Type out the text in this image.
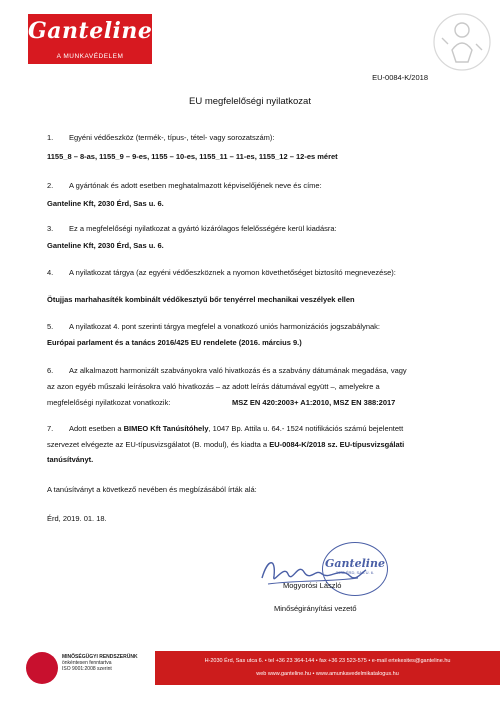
Ganteline
A MUNKAVÉDELEM
EU-0084-K/2018
EU megfelelőségi nyilatkozat
1. Egyéni védőeszköz (termék-, típus-, tétel- vagy sorozatszám):
1155_8 – 8-as, 1155_9 – 9-es, 1155 – 10-es, 1155_11 – 11-es, 1155_12 – 12-es méret
2. A gyártónak és adott esetben meghatalmazott képviselőjének neve és címe:
Ganteline Kft, 2030 Érd, Sas u. 6.
3. Ez a megfelelőségi nyilatkozat a gyártó kizárólagos felelősségére kerül kiadásra:
Ganteline Kft, 2030 Érd, Sas u. 6.
4. A nyilatkozat tárgya (az egyéni védőeszköznek a nyomon követhetőséget biztosító megnevezése):
Ötujjas marhahasíték kombinált védőkesztyű bőr tenyérrel mechanikai veszélyek ellen
5. A nyilatkozat 4. pont szerinti tárgya megfelel a vonatkozó uniós harmonizációs jogszabálynak:
Európai parlament és a tanács 2016/425 EU rendelete (2016. március 9.)
6. Az alkalmazott harmonizált szabványokra való hivatkozás és a szabvány dátumának megadása, vagy
az azon egyéb műszaki leírásokra való hivatkozás – az adott leírás dátumával együtt –, amelyekre a
megfelelőségi nyilatkozat vonatkozik:	MSZ EN 420:2003+ A1:2010, MSZ EN 388:2017
7. Adott esetben a BIMEO Kft Tanúsítóhely, 1047 Bp. Attila u. 64.- 1524 notifikációs számú bejelentett
szervezet elvégezte az EU-típusvizsgálatot (B. modul), és kiadta a EU-0084-K/2018 sz. EU-típusvizsgálati
tanúsítványt.
A tanúsítványt a következő nevében és megbízásából írták alá:
Érd, 2019. 01. 18.
Ganteline
2030 ÉRD, SAS U. 6.
Mogyorósi László
Minőségirányítási vezető
MINŐSÉGÜGYI RENDSZERÜNK
önkéntesen fenntartva
ISO 9001:2008 szerint
H-2030 Érd, Sas utca 6. • tel +36 23 364-144 • fax +36 23 523-575 • e-mail ertekesites@ganteline.hu
web www.ganteline.hu • www.amunkavedelmikatalogus.hu
